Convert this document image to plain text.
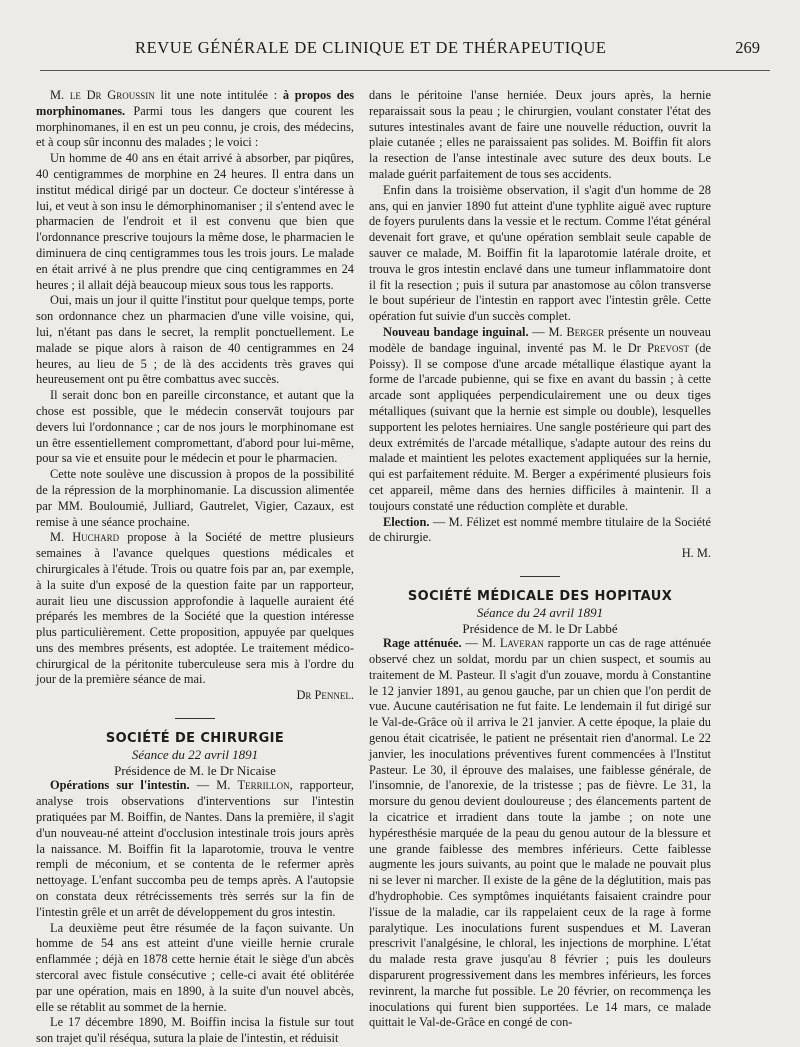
REVUE GÉNÉRALE DE CLINIQUE ET DE THÉRAPEUTIQUE	269

M. le Dr Groussin lit une note intitulée : à propos des morphinomanes. Parmi tous les dangers que courent les morphinomanes, il en est un peu connu, je crois, des médecins, et à coup sûr inconnu des malades ; le voici :

Un homme de 40 ans en était arrivé à absorber, par piqûres, 40 centigrammes de morphine en 24 heures. Il entra dans un institut médical dirigé par un docteur. Ce docteur s'intéresse à lui, et veut à son insu le démorphinomaniser ; il s'entend avec le pharmacien de l'endroit et il est convenu que bien que l'ordonnance prescrive toujours la même dose, le pharmacien le diminuera de cinq centigrammes tous les trois jours. Le malade en était arrivé à ne plus prendre que cinq centigrammes en 24 heures ; il allait déjà beaucoup mieux sous tous les rapports.

Oui, mais un jour il quitte l'institut pour quelque temps, porte son ordonnance chez un pharmacien d'une ville voisine, qui, lui, n'étant pas dans le secret, la remplit ponctuellement. Le malade se pique alors à raison de 40 centigrammes en 24 heures, au lieu de 5 ; de là des accidents très graves qui heureusement ont pu être combattus avec succès.

Il serait donc bon en pareille circonstance, et autant que la chose est possible, que le médecin conservât toujours par devers lui l'ordonnance ; car de nos jours le morphinomane est un être essentiellement compromettant, d'abord pour lui-même, pour sa vie et ensuite pour le médecin et pour le pharmacien.

Cette note soulève une discussion à propos de la possibilité de la répression de la morphinomanie. La discussion alimentée par MM. Bouloumié, Julliard, Gautrelet, Vigier, Cazaux, est remise à une séance prochaine.

M. Huchard propose à la Société de mettre plusieurs semaines à l'avance quelques questions médicales et chirurgicales à l'étude. Trois ou quatre fois par an, par exemple, à la suite d'un exposé de la question faite par un rapporteur, aurait lieu une discussion approfondie à laquelle auraient été préparés les membres de la Société que la question intéresse plus particulièrement. Cette proposition, appuyée par quelques uns des membres présents, est adoptée. Le traitement médico-chirurgical de la péritonite tuberculeuse sera mis à l'ordre du jour de la première séance de mai.

Dr Pennel.

SOCIÉTÉ DE CHIRURGIE

Séance du 22 avril 1891

Présidence de M. le Dr Nicaise

Opérations sur l'intestin. — M. Terrillon, rapporteur, analyse trois observations d'interventions sur l'intestin pratiquées par M. Boiffin, de Nantes. Dans la première, il s'agit d'un nouveau-né atteint d'occlusion intestinale trois jours après la naissance. M. Boiffin fit la laparotomie, trouva le ventre rempli de méconium, et se contenta de le refermer après nettoyage. L'enfant succomba peu de temps après. A l'autopsie on constata deux rétrécissements très serrés sur la fin de l'intestin grêle et un arrêt de développement du gros intestin.

La deuxième peut être résumée de la façon suivante. Un homme de 54 ans est atteint d'une vieille hernie crurale enflammée ; déjà en 1878 cette hernie était le siège d'un abcès stercoral avec fistule consécutive ; celle-ci avait été oblitérée par une opération, mais en 1890, à la suite d'un nouvel abcès, elle se rétablit au sommet de la hernie.

Le 17 décembre 1890, M. Boiffin incisa la fistule sur tout son trajet qu'il réséqua, sutura la plaie de l'intestin, et réduisit

dans le péritoine l'anse herniée. Deux jours après, la hernie reparaissait sous la peau ; le chirurgien, voulant constater l'état des sutures intestinales avant de faire une nouvelle réduction, ouvrit la plaie cutanée ; elles ne paraissaient pas solides. M. Boiffin fit alors la resection de l'anse intestinale avec suture des deux bouts. Le malade guérit parfaitement de tous ses accidents.

Enfin dans la troisième observation, il s'agit d'un homme de 28 ans, qui en janvier 1890 fut atteint d'une typhlite aiguë avec rupture de foyers purulents dans la vessie et le rectum. Comme l'état général devenait fort grave, et qu'une opération semblait seule capable de sauver ce malade, M. Boiffin fit la laparotomie latérale droite, et trouva le gros intestin enclavé dans une tumeur inflammatoire dont il fit la resection ; puis il sutura par anastomose au côlon transverse le bout supérieur de l'intestin en rapport avec l'intestin grêle. Cette opération fut suivie d'un succès complet.

Nouveau bandage inguinal. — M. Berger présente un nouveau modèle de bandage inguinal, inventé pas M. le Dr Prevost (de Poissy). Il se compose d'une arcade métallique élastique ayant la forme de l'arcade pubienne, qui se fixe en avant du bassin ; à cette arcade sont appliquées perpendiculairement une ou deux tiges métalliques (suivant que la hernie est simple ou double), lesquelles supportent les pelotes herniaires. Une sangle postérieure qui part des deux extrémités de l'arcade métallique, s'adapte autour des reins du malade et maintient les pelotes exactement appliquées sur la hernie, qui est parfaitement réduite. M. Berger a expérimenté plusieurs fois cet appareil, même dans des hernies difficiles à maintenir. Il a toujours constaté une réduction complète et durable.

Election. — M. Félizet est nommé membre titulaire de la Société de chirurgie.

H. M.

SOCIÉTÉ MÉDICALE DES HOPITAUX

Séance du 24 avril 1891

Présidence de M. le Dr Labbé

Rage atténuée. — M. Laveran rapporte un cas de rage atténuée observé chez un soldat, mordu par un chien suspect, et soumis au traitement de M. Pasteur. Il s'agit d'un zouave, mordu à Constantine le 12 janvier 1891, au genou gauche, par un chien que l'on perdit de vue. Aucune cautérisation ne fut faite. Le lendemain il fut dirigé sur le Val-de-Grâce où il arriva le 21 janvier. A cette époque, la plaie du genou était cicatrisée, le patient ne présentait rien d'anormal. Le 22 janvier, les inoculations préventives furent commencées à l'Institut Pasteur. Le 30, il éprouve des malaises, une faiblesse générale, de l'insomnie, de l'anorexie, de la tristesse ; pas de fièvre. Le 31, la morsure du genou devient douloureuse ; des élancements partent de la cicatrice et irradient dans toute la jambe ; on note une hypéresthésie marquée de la peau du genou autour de la blessure et une grande faiblesse des membres inférieurs. Cette faiblesse augmente les jours suivants, au point que le malade ne pouvait plus ni se lever ni marcher. Il existe de la gêne de la déglutition, mais pas d'hydrophobie. Ces symptômes inquiétants faisaient craindre pour l'issue de la maladie, car ils rappelaient ceux de la rage à forme paralytique. Les inoculations furent suspendues et M. Laveran prescrivit l'analgésine, le chloral, les injections de morphine. L'état du malade resta grave jusqu'au 8 février ; puis les douleurs disparurent progressivement dans les membres inférieurs, les forces revinrent, la marche fut possible. Le 20 février, on recommença les inoculations qui furent bien supportées. Le 14 mars, ce malade quittait le Val-de-Grâce en congé de con-
